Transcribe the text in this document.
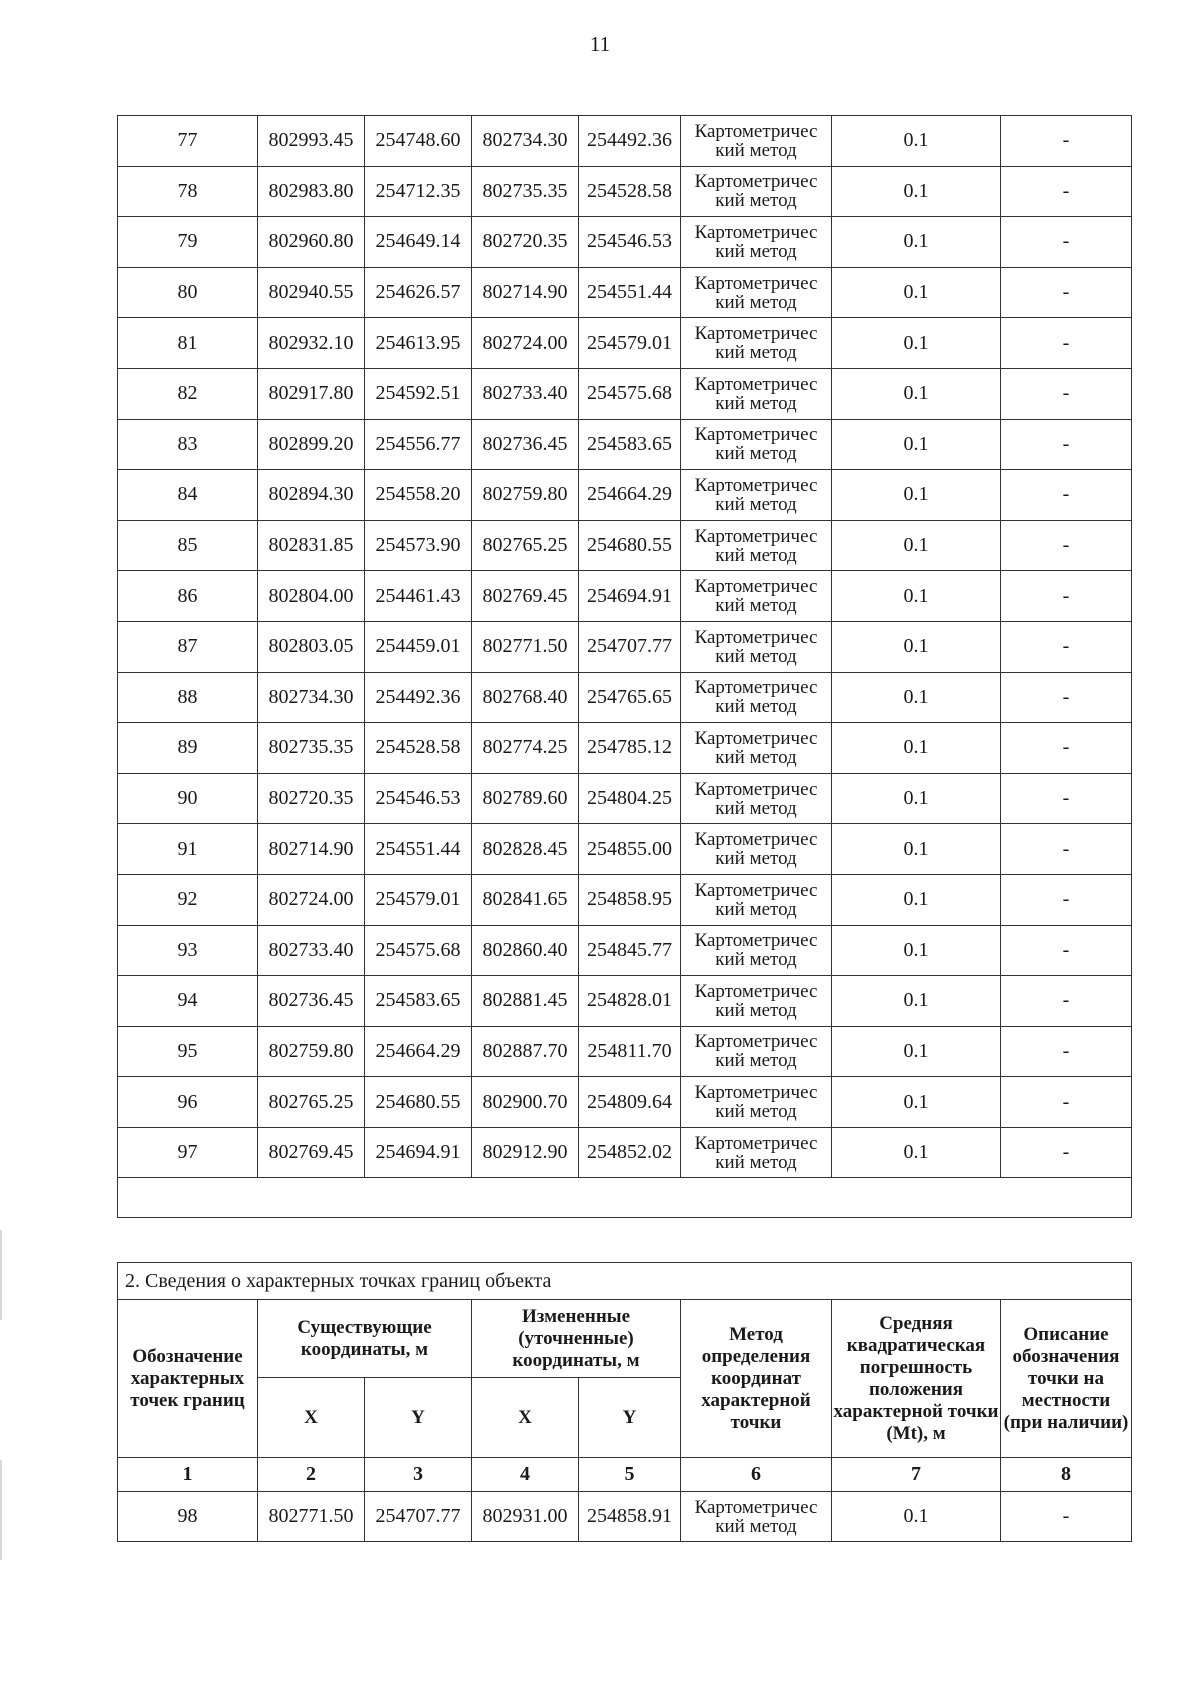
11
77	802993.45	254748.60	802734.30	254492.36	Картометричес
кий метод	0.1	-
78	802983.80	254712.35	802735.35	254528.58	Картометричес
кий метод	0.1	-
79	802960.80	254649.14	802720.35	254546.53	Картометричес
кий метод	0.1	-
80	802940.55	254626.57	802714.90	254551.44	Картометричес
кий метод	0.1	-
81	802932.10	254613.95	802724.00	254579.01	Картометричес
кий метод	0.1	-
82	802917.80	254592.51	802733.40	254575.68	Картометричес
кий метод	0.1	-
83	802899.20	254556.77	802736.45	254583.65	Картометричес
кий метод	0.1	-
84	802894.30	254558.20	802759.80	254664.29	Картометричес
кий метод	0.1	-
85	802831.85	254573.90	802765.25	254680.55	Картометричес
кий метод	0.1	-
86	802804.00	254461.43	802769.45	254694.91	Картометричес
кий метод	0.1	-
87	802803.05	254459.01	802771.50	254707.77	Картометричес
кий метод	0.1	-
88	802734.30	254492.36	802768.40	254765.65	Картометричес
кий метод	0.1	-
89	802735.35	254528.58	802774.25	254785.12	Картометричес
кий метод	0.1	-
90	802720.35	254546.53	802789.60	254804.25	Картометричес
кий метод	0.1	-
91	802714.90	254551.44	802828.45	254855.00	Картометричес
кий метод	0.1	-
92	802724.00	254579.01	802841.65	254858.95	Картометричес
кий метод	0.1	-
93	802733.40	254575.68	802860.40	254845.77	Картометричес
кий метод	0.1	-
94	802736.45	254583.65	802881.45	254828.01	Картометричес
кий метод	0.1	-
95	802759.80	254664.29	802887.70	254811.70	Картометричес
кий метод	0.1	-
96	802765.25	254680.55	802900.70	254809.64	Картометричес
кий метод	0.1	-
97	802769.45	254694.91	802912.90	254852.02	Картометричес
кий метод	0.1	-

2. Сведения о характерных точках границ объекта							
Обозначение характерных точек границ	Существующие координаты, м		Измененные (уточненные) координаты, м		Метод определения координат характерной точки	Средняя квадратическая погрешность положения характерной точки (Mt), м	Описание обозначения точки на местности (при наличии)
	X	Y	X	Y			
1	2	3	4	5	6	7	8
98	802771.50	254707.77	802931.00	254858.91	Картометричес
кий метод	0.1	-
